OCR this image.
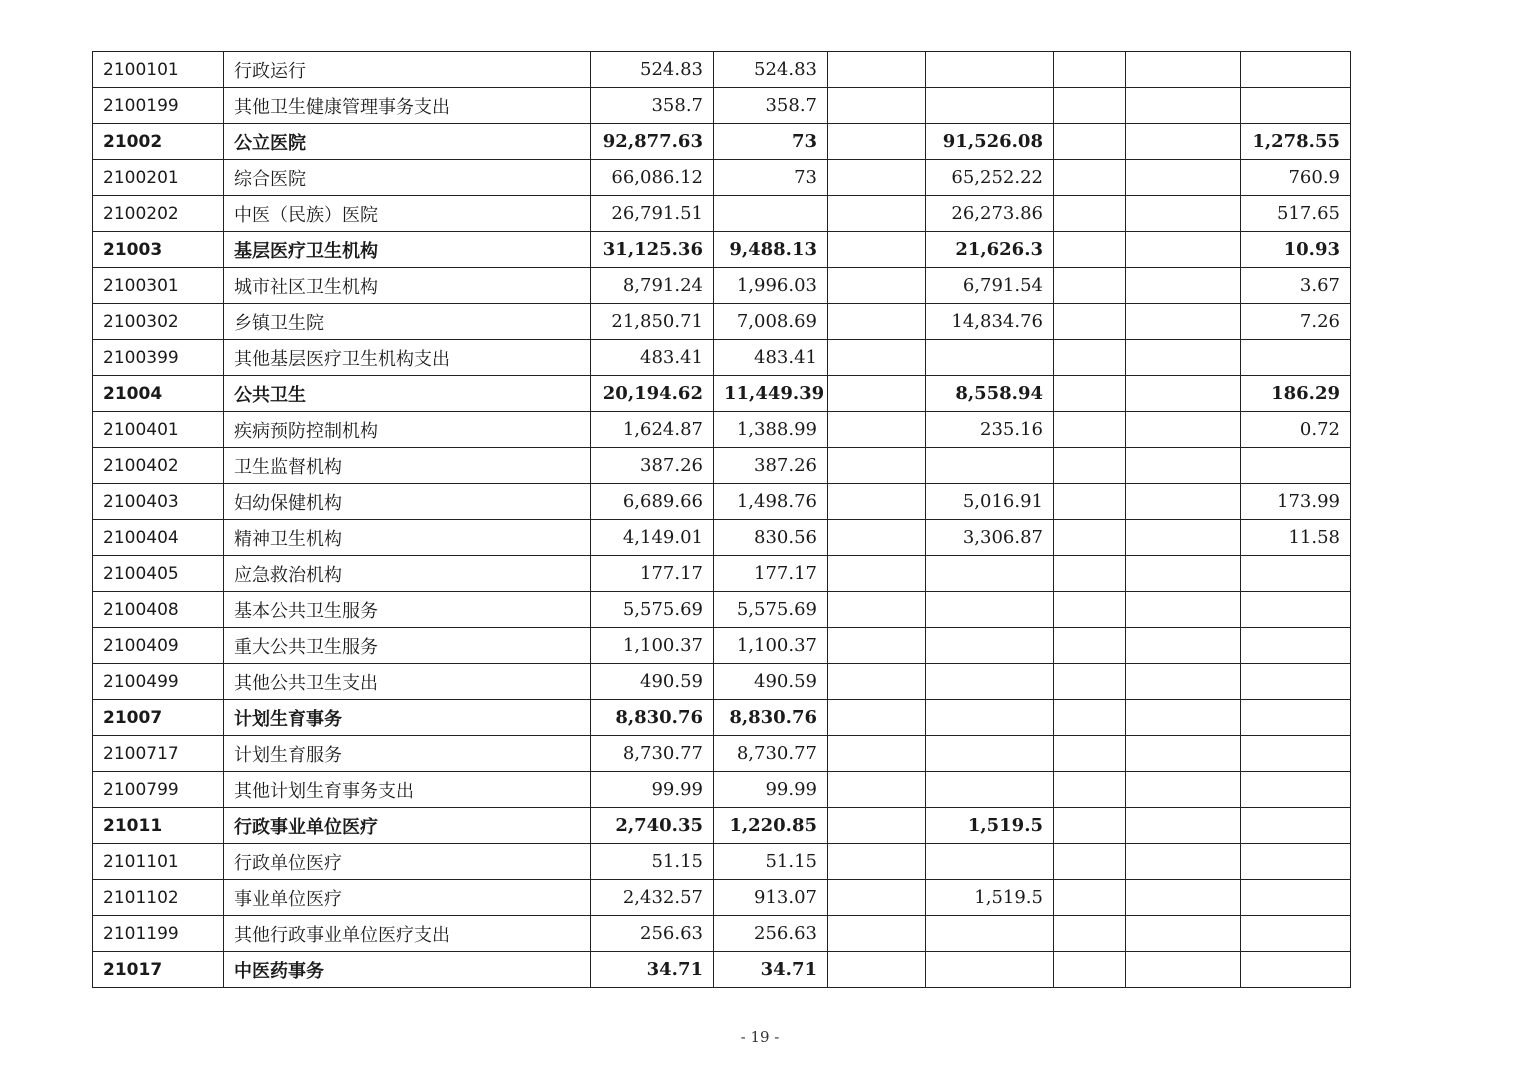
2100101	行政运行	524.83	524.83					
2100199	其他卫生健康管理事务支出	358.7	358.7					
21002	公立医院	92,877.63	73		91,526.08			1,278.55
2100201	综合医院	66,086.12	73		65,252.22			760.9
2100202	中医（民族）医院	26,791.51			26,273.86			517.65
21003	基层医疗卫生机构	31,125.36	9,488.13		21,626.3			10.93
2100301	城市社区卫生机构	8,791.24	1,996.03		6,791.54			3.67
2100302	乡镇卫生院	21,850.71	7,008.69		14,834.76			7.26
2100399	其他基层医疗卫生机构支出	483.41	483.41					
21004	公共卫生	20,194.62	11,449.39		8,558.94			186.29
2100401	疾病预防控制机构	1,624.87	1,388.99		235.16			0.72
2100402	卫生监督机构	387.26	387.26					
2100403	妇幼保健机构	6,689.66	1,498.76		5,016.91			173.99
2100404	精神卫生机构	4,149.01	830.56		3,306.87			11.58
2100405	应急救治机构	177.17	177.17					
2100408	基本公共卫生服务	5,575.69	5,575.69					
2100409	重大公共卫生服务	1,100.37	1,100.37					
2100499	其他公共卫生支出	490.59	490.59					
21007	计划生育事务	8,830.76	8,830.76					
2100717	计划生育服务	8,730.77	8,730.77					
2100799	其他计划生育事务支出	99.99	99.99					
21011	行政事业单位医疗	2,740.35	1,220.85		1,519.5			
2101101	行政单位医疗	51.15	51.15					
2101102	事业单位医疗	2,432.57	913.07		1,519.5			
2101199	其他行政事业单位医疗支出	256.63	256.63					
21017	中医药事务	34.71	34.71					
- 19 -
